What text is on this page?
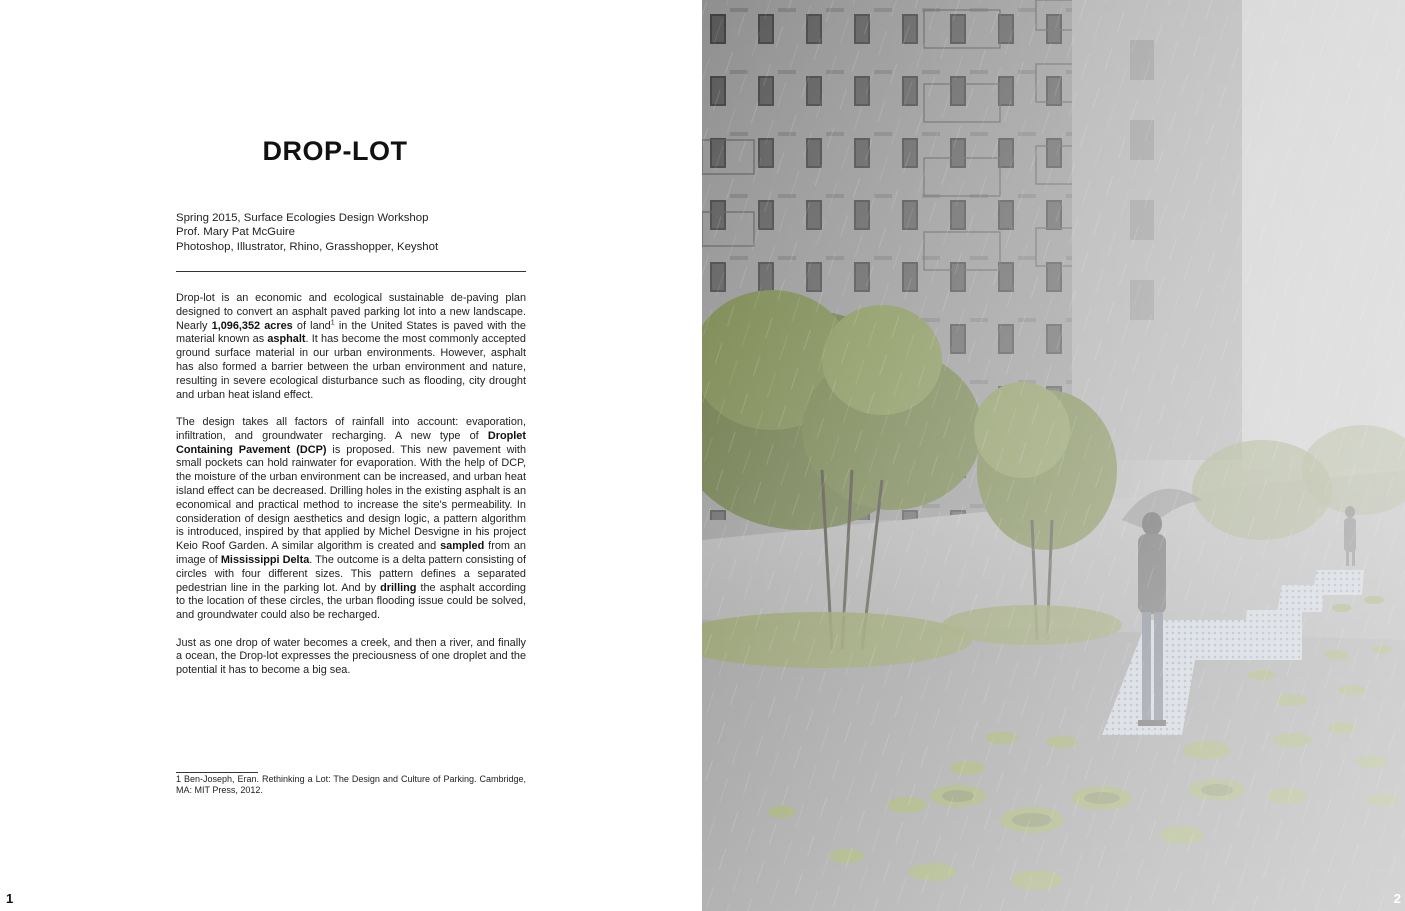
DROP-LOT
Spring 2015, Surface Ecologies Design Workshop
Prof. Mary Pat McGuire
Photoshop, Illustrator, Rhino, Grasshopper, Keyshot

Drop-lot is an economic and ecological sustainable de-paving plan designed to convert an asphalt paved parking lot into a new landscape. Nearly 1,096,352 acres of land$^1$ in the United States is paved with the material known as asphalt. It has become the most commonly accepted ground surface material in our urban environments. However, asphalt has also formed a barrier between the urban environment and nature, resulting in severe ecological disturbance such as flooding, city drought and urban heat island effect.

The design takes all factors of rainfall into account: evaporation, infiltration, and groundwater recharging. A new type of Droplet Containing Pavement (DCP) is proposed. This new pavement with small pockets can hold rainwater for evaporation. With the help of DCP, the moisture of the urban environment can be increased, and urban heat island effect can be decreased. Drilling holes in the existing asphalt is an economical and practical method to increase the site's permeability. In consideration of design aesthetics and design logic, a pattern algorithm is introduced, inspired by that applied by Michel Desvigne in his project Keio Roof Garden. A similar algorithm is created and sampled from an image of Mississippi Delta. The outcome is a delta pattern consisting of circles with four different sizes. This pattern defines a separated pedestrian line in the parking lot. And by drilling the asphalt according to the location of these circles, the urban flooding issue could be solved, and groundwater could also be recharged.

Just as one drop of water becomes a creek, and then a river, and finally a ocean, the Drop-lot expresses the preciousness of one droplet and the potential it has to become a big sea.

1 Ben-Joseph, Eran. Rethinking a Lot: The Design and Culture of Parking. Cambridge, MA: MIT Press, 2012.
1	2
